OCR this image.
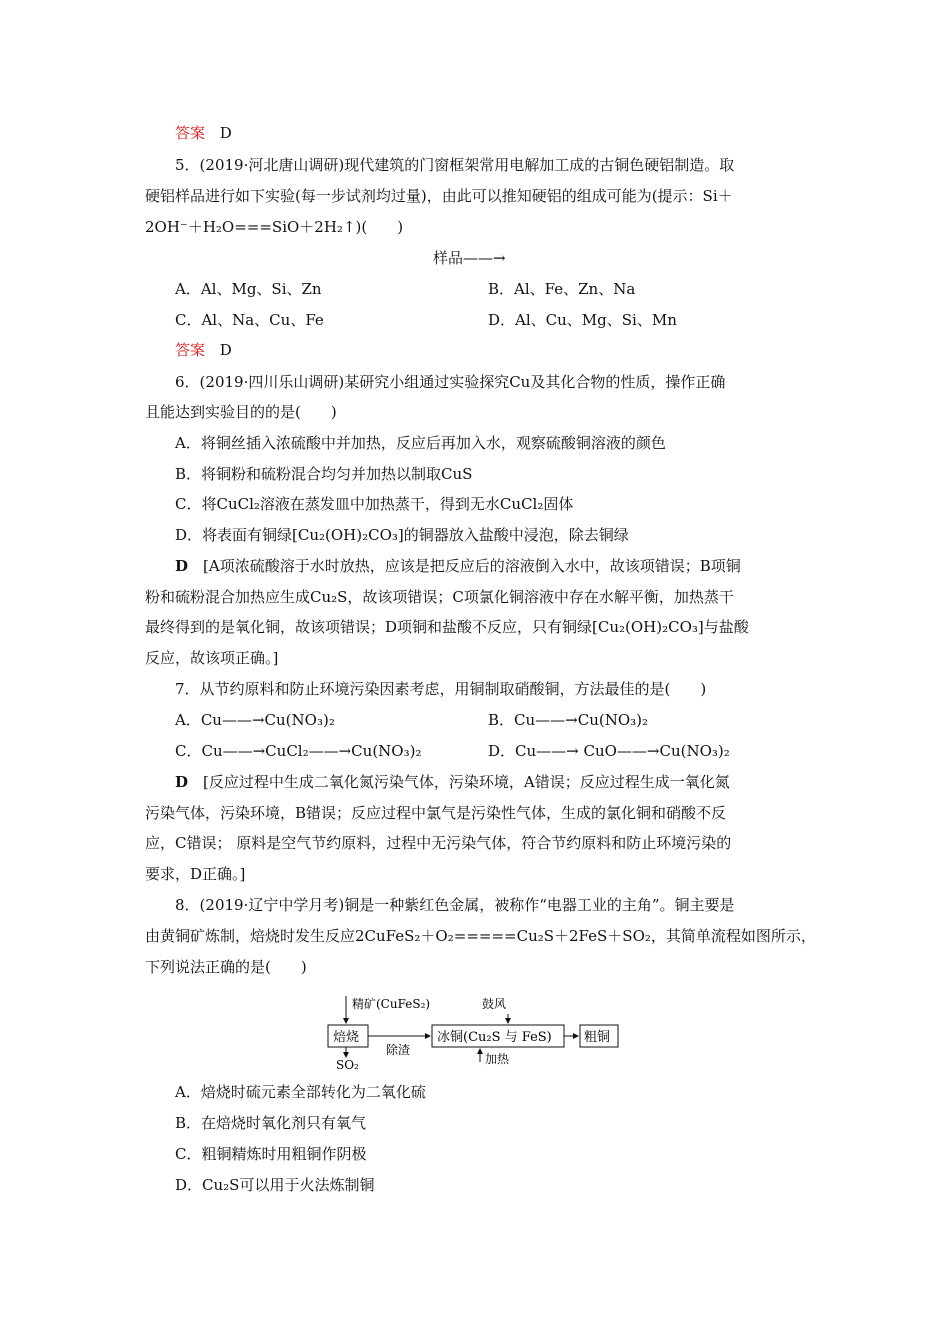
答案 D
5．(2019·河北唐山调研)现代建筑的门窗框架常用电解加工成的古铜色硬铝制造。取
硬铝样品进行如下实验(每一步试剂均过量)，由此可以推知硬铝的组成可能为(提示：Si＋
2OH⁻＋H₂O===SiO＋2H₂↑)(　　)
样品——→
A．Al、Mg、Si、Zn	B．Al、Fe、Zn、Na
C．Al、Na、Cu、Fe	D．Al、Cu、Mg、Si、Mn
答案 D
6．(2019·四川乐山调研)某研究小组通过实验探究Cu及其化合物的性质，操作正确
且能达到实验目的的是(　　)
A．将铜丝插入浓硫酸中并加热，反应后再加入水，观察硫酸铜溶液的颜色
B．将铜粉和硫粉混合均匀并加热以制取CuS
C．将CuCl₂溶液在蒸发皿中加热蒸干，得到无水CuCl₂固体
D．将表面有铜绿[Cu₂(OH)₂CO₃]的铜器放入盐酸中浸泡，除去铜绿
D　[A项浓硫酸溶于水时放热，应该是把反应后的溶液倒入水中，故该项错误；B项铜
粉和硫粉混合加热应生成Cu₂S，故该项错误；C项氯化铜溶液中存在水解平衡，加热蒸干
最终得到的是氧化铜，故该项错误；D项铜和盐酸不反应，只有铜绿[Cu₂(OH)₂CO₃]与盐酸
反应，故该项正确。]
7．从节约原料和防止环境污染因素考虑，用铜制取硝酸铜，方法最佳的是(　　)
A．Cu——→Cu(NO₃)₂	B．Cu——→Cu(NO₃)₂
C．Cu——→CuCl₂——→Cu(NO₃)₂	D．Cu——→ CuO——→Cu(NO₃)₂
D　[反应过程中生成二氧化氮污染气体，污染环境，A错误；反应过程生成一氧化氮
污染气体，污染环境，B错误；反应过程中氯气是污染性气体，生成的氯化铜和硝酸不反
应，C错误； 原料是空气节约原料，过程中无污染气体，符合节约原料和防止环境污染的
要求，D正确。]
8．(2019·辽宁中学月考)铜是一种紫红色金属，被称作“电器工业的主角”。铜主要是
由黄铜矿炼制，焙烧时发生反应2CuFeS₂＋O₂=====Cu₂S＋2FeS＋SO₂，其简单流程如图所示，
下列说法正确的是(　　)
精矿(CuFeS₂)
焙烧
SO₂
除渣
冰铜(Cu₂S 与 FeS)
鼓风
加热
粗铜
A．焙烧时硫元素全部转化为二氧化硫
B．在焙烧时氧化剂只有氧气
C．粗铜精炼时用粗铜作阴极
D．Cu₂S可以用于火法炼制铜
